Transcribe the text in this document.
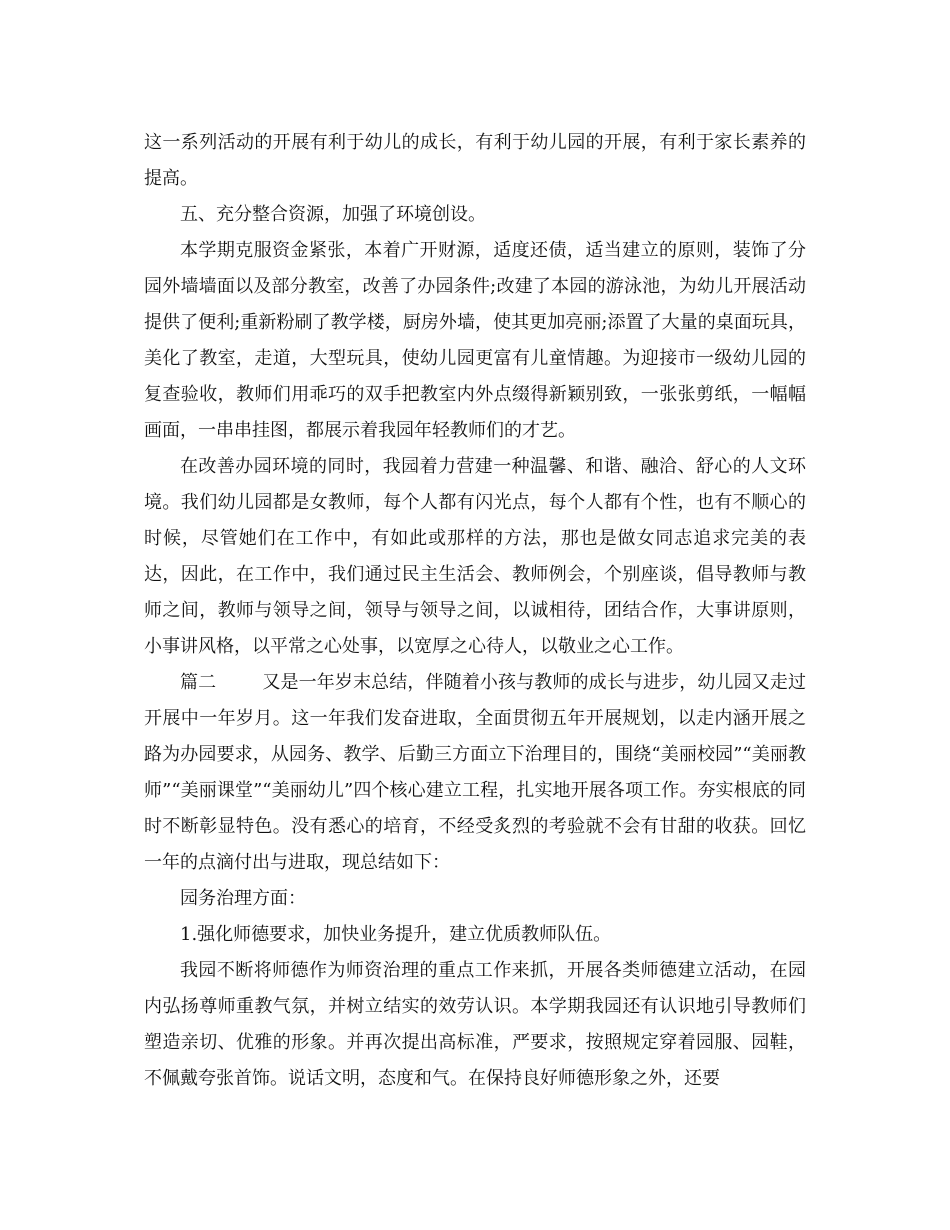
这一系列活动的开展有利于幼儿的成长，有利于幼儿园的开展，有利于家长素养的提高。

五、充分整合资源，加强了环境创设。

本学期克服资金紧张，本着广开财源，适度还债，适当建立的原则，装饰了分园外墙墙面以及部分教室，改善了办园条件;改建了本园的游泳池，为幼儿开展活动提供了便利;重新粉刷了教学楼，厨房外墙，使其更加亮丽;添置了大量的桌面玩具，美化了教室，走道，大型玩具，使幼儿园更富有儿童情趣。为迎接市一级幼儿园的复查验收，教师们用乖巧的双手把教室内外点缀得新颖别致，一张张剪纸，一幅幅画面，一串串挂图，都展示着我园年轻教师们的才艺。

在改善办园环境的同时，我园着力营建一种温馨、和谐、融洽、舒心的人文环境。我们幼儿园都是女教师，每个人都有闪光点，每个人都有个性，也有不顺心的时候，尽管她们在工作中，有如此或那样的方法，那也是做女同志追求完美的表达，因此，在工作中，我们通过民主生活会、教师例会，个别座谈，倡导教师与教师之间，教师与领导之间，领导与领导之间，以诚相待，团结合作，大事讲原则，小事讲风格，以平常之心处事，以宽厚之心待人，以敬业之心工作。

篇二	又是一年岁末总结，伴随着小孩与教师的成长与进步，幼儿园又走过开展中一年岁月。这一年我们发奋进取，全面贯彻五年开展规划，以走内涵开展之路为办园要求，从园务、教学、后勤三方面立下治理目的，围绕“美丽校园”“美丽教师”“美丽课堂”“美丽幼儿”四个核心建立工程，扎实地开展各项工作。夯实根底的同时不断彰显特色。没有悉心的培育，不经受炙烈的考验就不会有甘甜的收获。回忆一年的点滴付出与进取，现总结如下：

园务治理方面：

1.强化师德要求，加快业务提升，建立优质教师队伍。

我园不断将师德作为师资治理的重点工作来抓，开展各类师德建立活动，在园内弘扬尊师重教气氛，并树立结实的效劳认识。本学期我园还有认识地引导教师们塑造亲切、优雅的形象。并再次提出高标准，严要求，按照规定穿着园服、园鞋，不佩戴夸张首饰。说话文明，态度和气。在保持良好师德形象之外，还要
